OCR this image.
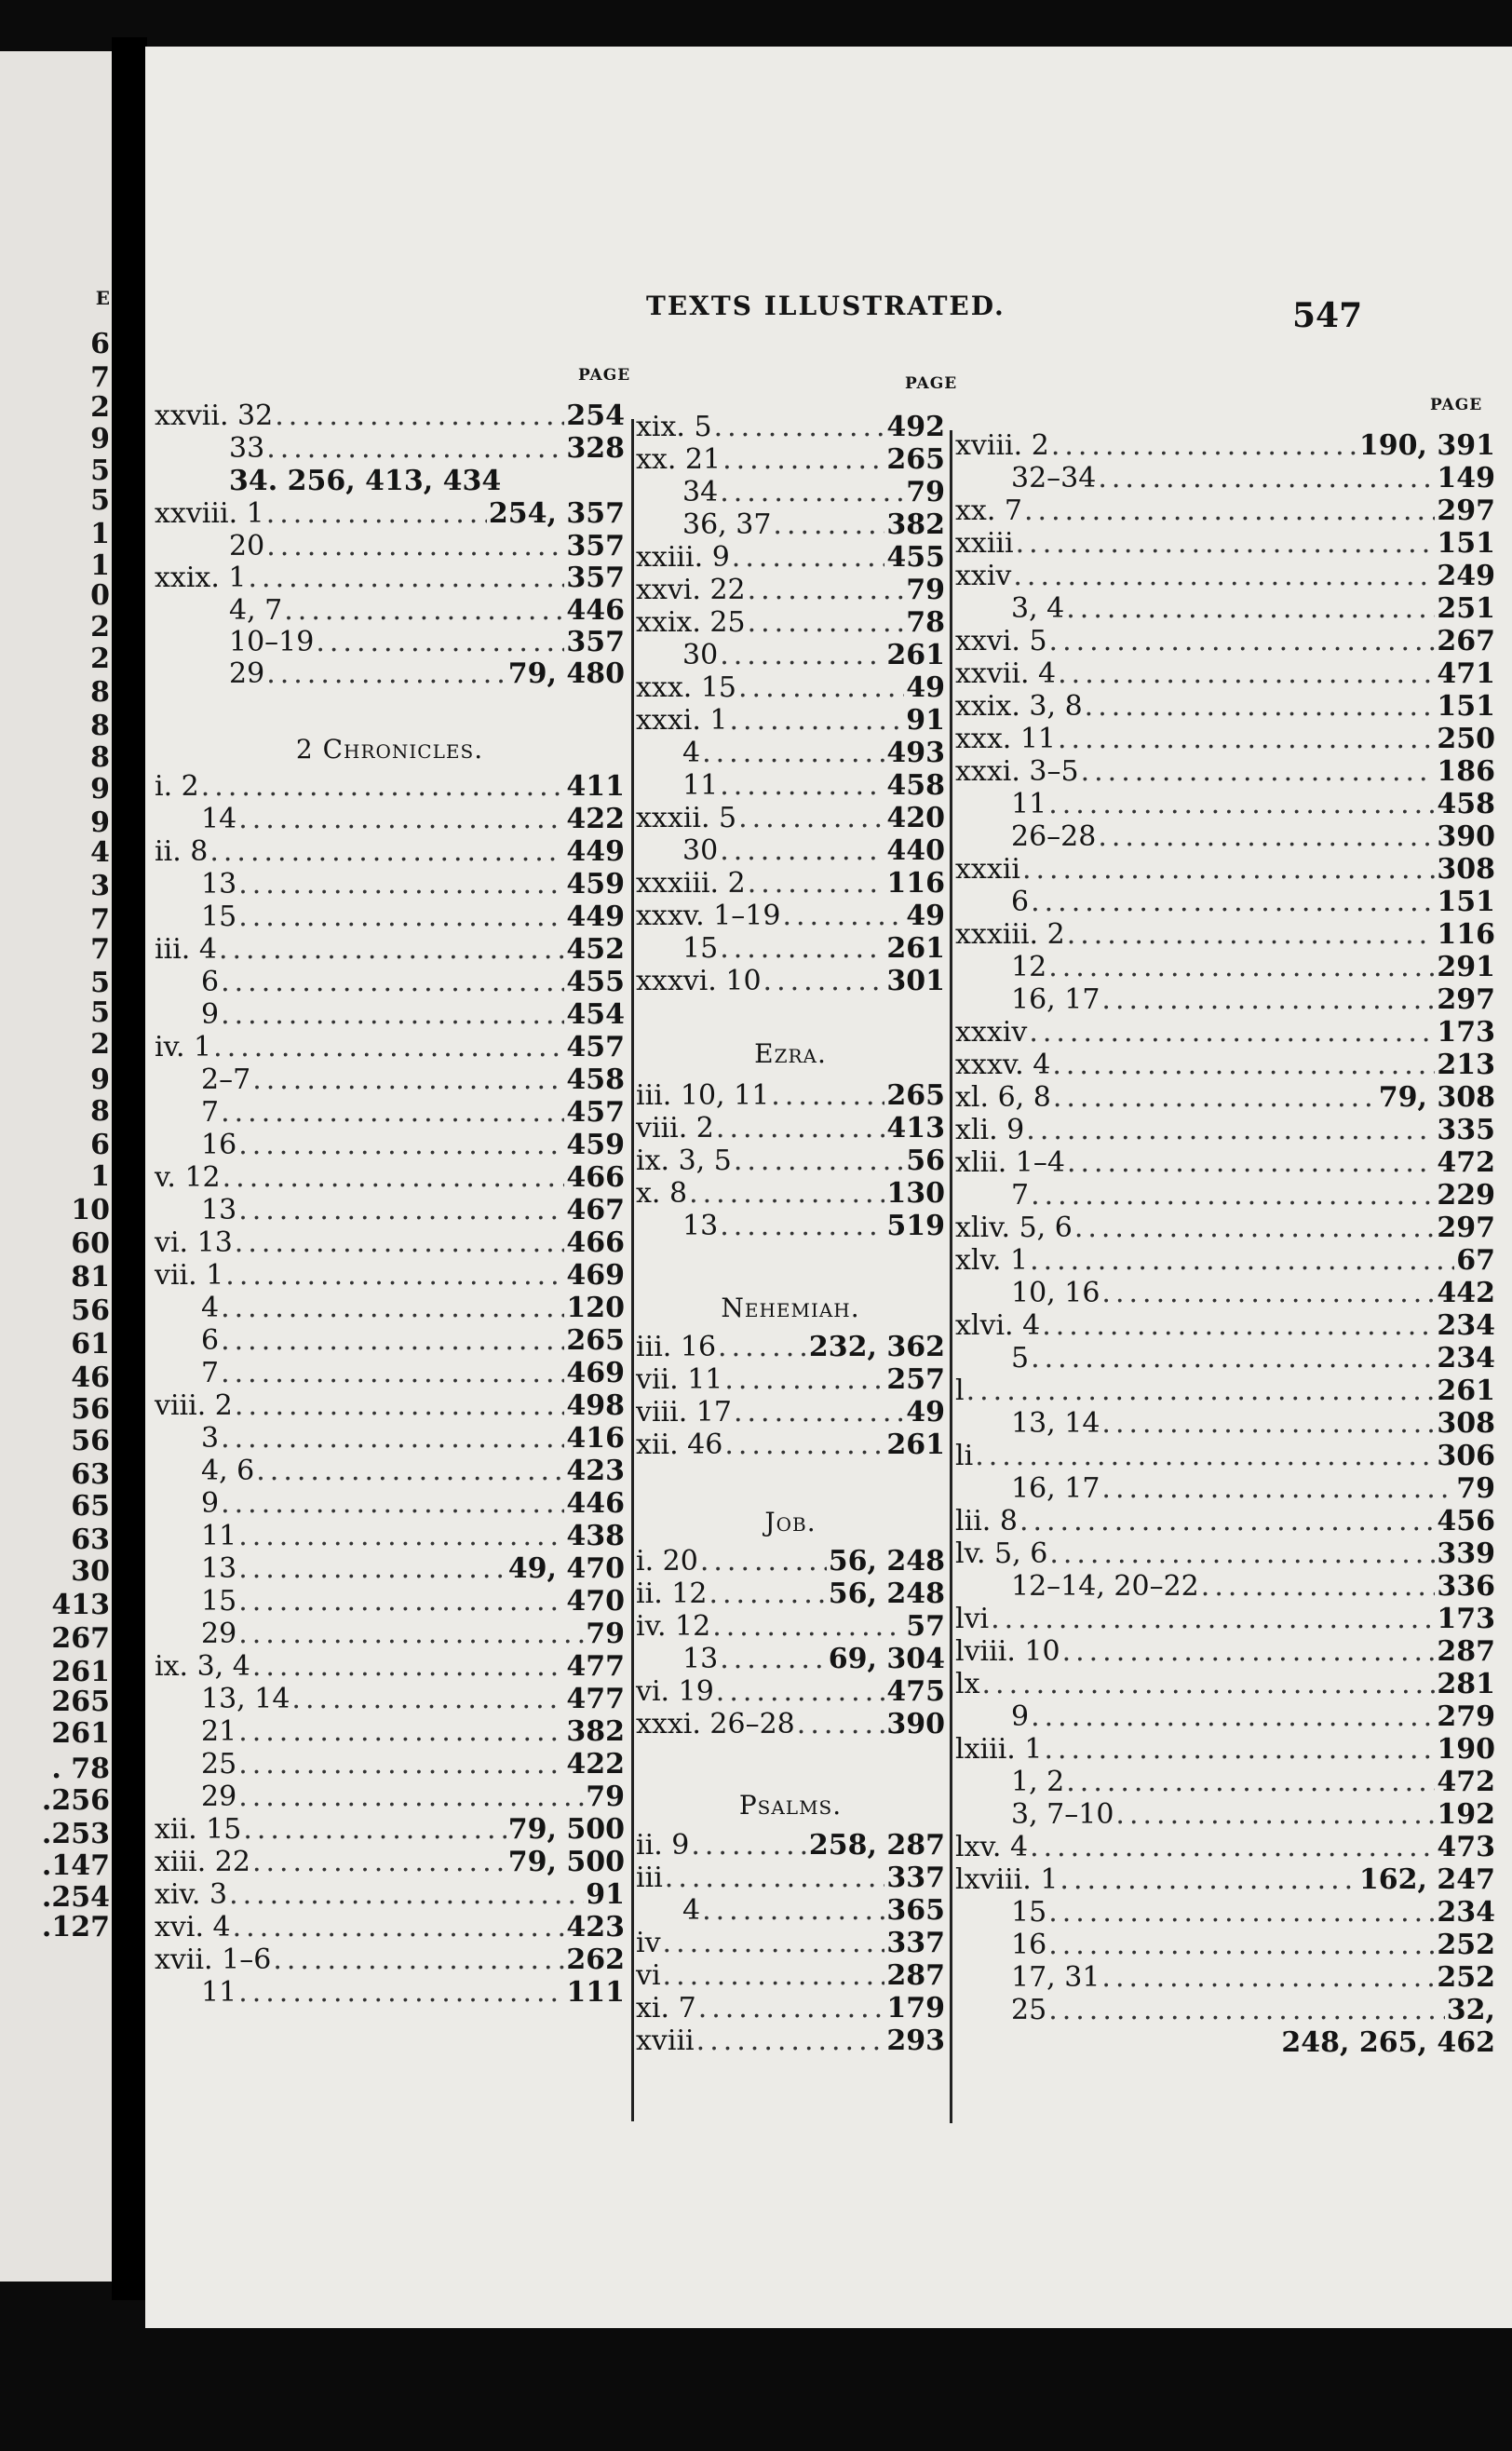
E
6
7
2
9
5
5
1
1
0
2
2
8
8
8
9
9
4
3
7
7
5
5
2
9
8
6
1
10
60
81
56
61
46
56
56
63
65
63
30
413
267
261
265
261
. 78
.256
.253
.147
.254
.127
TEXTS ILLUSTRATED.	547
PAGE
xxvii. 32 .....	254
33 .....	328
34. 256, 413, 434
xxviii. 1 .....	254, 357
20 .....	357
xxix. 1 .....	357
4, 7 .....	446
10–19 .....	357
29 .....	79, 480
2 Chronicles.
i. 2 .....	411
14 .....	422
ii. 8 .....	449
13 .....	459
15 .....	449
iii. 4 .....	452
6 .....	455
9 .....	454
iv. 1 .....	457
2–7 .....	458
7 .....	457
16 .....	459
v. 12 .....	466
13 .....	467
vi. 13 .....	466
vii. 1 .....	469
4 .....	120
6 .....	265
7 .....	469
viii. 2 .....	498
3 .....	416
4, 6 .....	423
9 .....	446
11 .....	438
13 .....	49, 470
15 .....	470
29 .....	79
ix. 3, 4 .....	477
13, 14 .....	477
21 .....	382
25 .....	422
29 .....	79
xii. 15 .....	79, 500
xiii. 22 .....	79, 500
xiv. 3 .....	91
xvi. 4 .....	423
xvii. 1–6 .....	262
11 .....	111
PAGE
xix. 5 .....	492
xx. 21 .....	265
34 .....	79
36, 37 .....	382
xxiii. 9 .....	455
xxvi. 22 .....	79
xxix. 25 .....	78
30 .....	261
xxx. 15 .....	49
xxxi. 1 .....	91
4 .....	493
11 .....	458
xxxii. 5 .....	420
30 .....	440
xxxiii. 2 .....	116
xxxv. 1–19 .....	49
15 .....	261
xxxvi. 10 .....	301
Ezra.
iii. 10, 11 .....	265
viii. 2 .....	413
ix. 3, 5 .....	56
x. 8 .....	130
13 .....	519
Nehemiah.
iii. 16 .....	232, 362
vii. 11 .....	257
viii. 17 .....	49
xii. 46 .....	261
Job.
i. 20 .....	56, 248
ii. 12 .....	56, 248
iv. 12 .....	57
13 .....	69, 304
vi. 19 .....	475
xxxi. 26–28 .....	390
Psalms.
ii. 9 .....	258, 287
iii .....	337
4 .....	365
iv .....	337
vi .....	287
xi. 7 .....	179
xviii .....	293
PAGE
xviii. 2 .....	190, 391
32–34 .....	149
xx. 7 .....	297
xxiii .....	151
xxiv .....	249
3, 4 .....	251
xxvi. 5 .....	267
xxvii. 4 .....	471
xxix. 3, 8 .....	151
xxx. 11 .....	250
xxxi. 3–5 .....	186
11 .....	458
26–28 .....	390
xxxii .....	308
6 .....	151
xxxiii. 2 .....	116
12 .....	291
16, 17 .....	297
xxxiv .....	173
xxxv. 4 .....	213
xl. 6, 8 .....	79, 308
xli. 9 .....	335
xlii. 1–4 .....	472
7 .....	229
xliv. 5, 6 .....	297
xlv. 1 .....	67
10, 16 .....	442
xlvi. 4 .....	234
5 .....	234
l .....	261
13, 14 .....	308
li .....	306
16, 17 .....	79
lii. 8 .....	456
lv. 5, 6 .....	339
12–14, 20–22 .....	336
lvi .....	173
lviii. 10 .....	287
lx .....	281
9 .....	279
lxiii. 1 .....	190
1, 2 .....	472
3, 7–10 .....	192
lxv. 4 .....	473
lxviii. 1 .....	162, 247
15 .....	234
16 .....	252
17, 31 .....	252
25 .....	32,
248, 265, 462
